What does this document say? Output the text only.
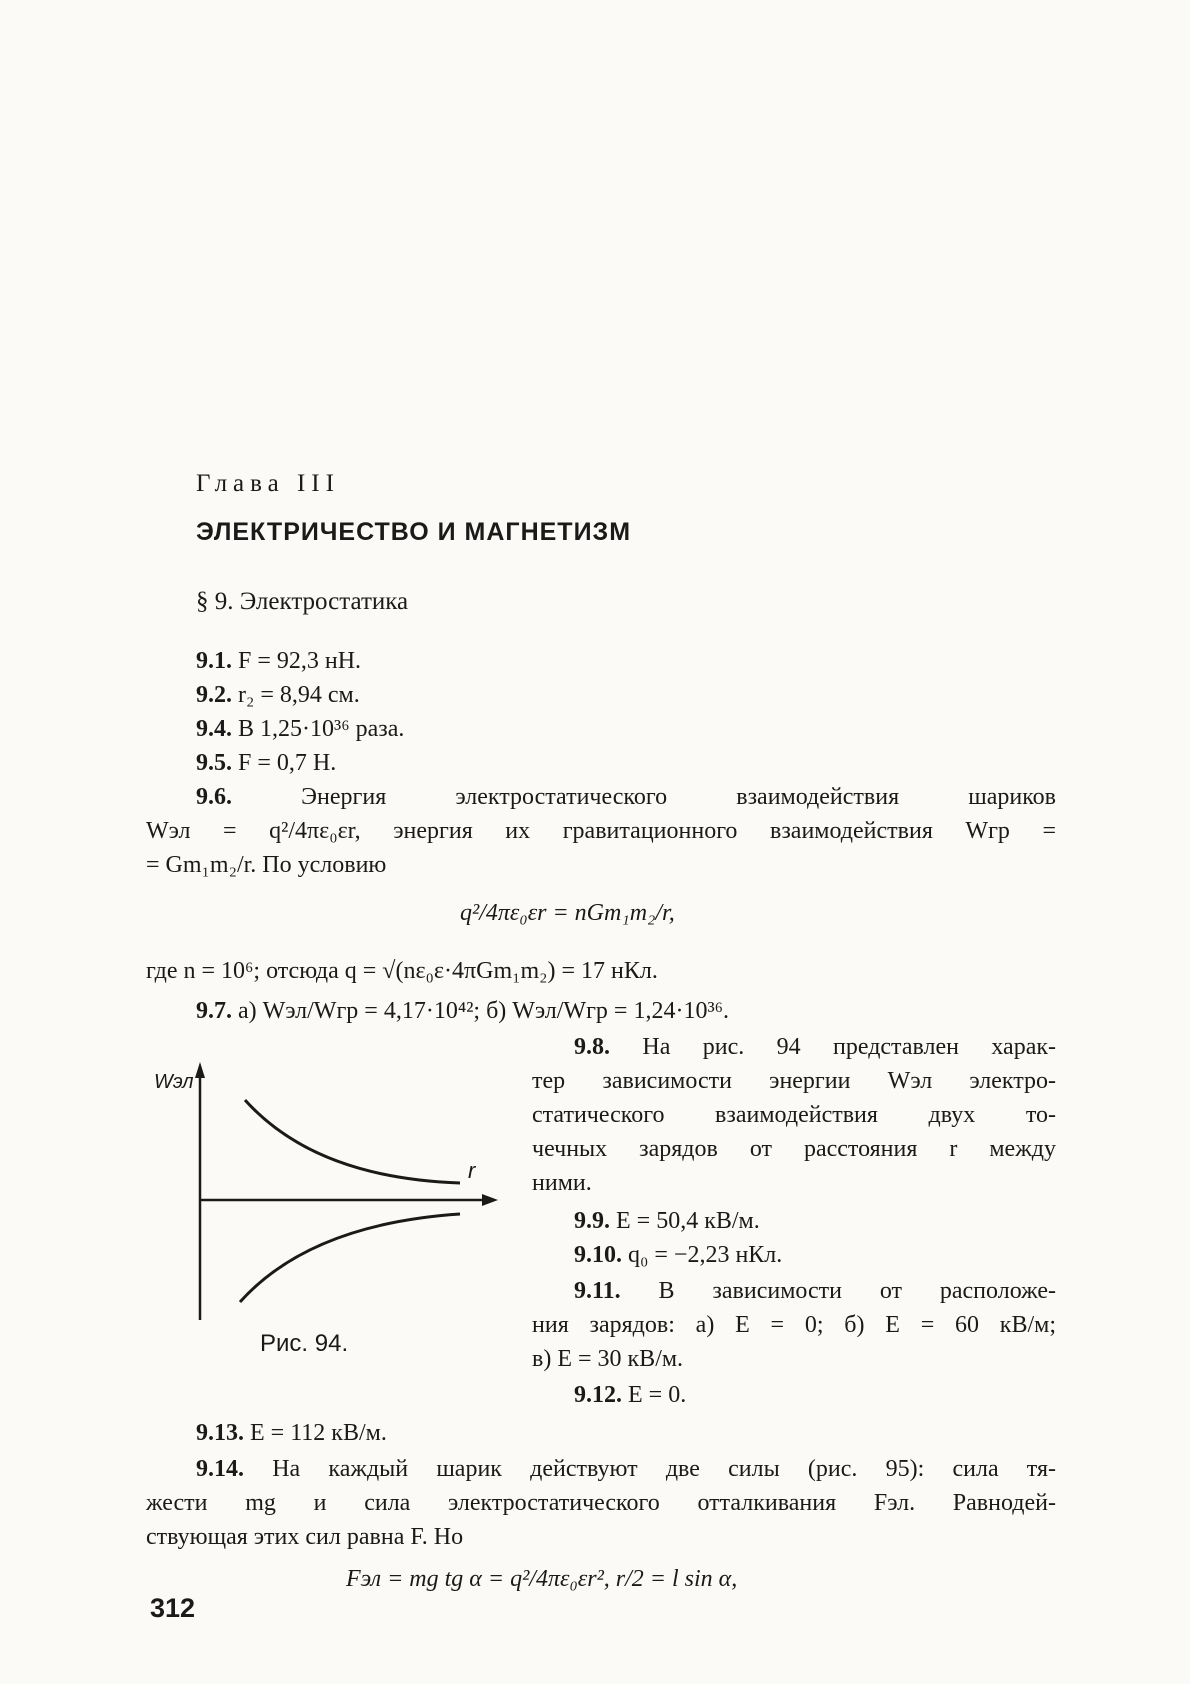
Глава III
ЭЛЕКТРИЧЕСТВО И МАГНЕТИЗМ
§ 9. Электростатика
9.1. F = 92,3 нН.
9.2. r₂ = 8,94 см.
9.4. В 1,25·10³⁶ раза.
9.5. F = 0,7 Н.
9.6.	Энергия электростатического взаимодействия шариков
Wэл = q²/4πε₀εr, энергия их гравитационного взаимодействия Wгр =
= Gm₁m₂/r. По условию
q²/4πε₀εr = nGm₁m₂/r,
где n = 10⁶; отсюда q = √(nε₀ε·4πGm₁m₂) = 17 нКл.
9.7. а) Wэл/Wгр = 4,17·10⁴²; б) Wэл/Wгр = 1,24·10³⁶.
9.8. На рис. 94 представлен харак-
тер зависимости энергии Wэл электро-
статического взаимодействия двух то-
чечных зарядов от расстояния r между
ними.
9.9. E = 50,4 кВ/м.
9.10. q₀ = −2,23 нКл.
9.11. В зависимости от расположе-
ния зарядов: а) E = 0; б) E = 60 кВ/м;
в) E = 30 кВ/м.
9.12. E = 0.
9.13. E = 112 кВ/м.
9.14. На каждый шарик действуют две силы (рис. 95): сила тя-
жести mg и сила электростатического отталкивания Fэл. Равнодей-
ствующая этих сил равна F. Но
Fэл = mg tg α = q²/4πε₀εr², r/2 = l sin α,
Wэл
r
Рис. 94.
312
